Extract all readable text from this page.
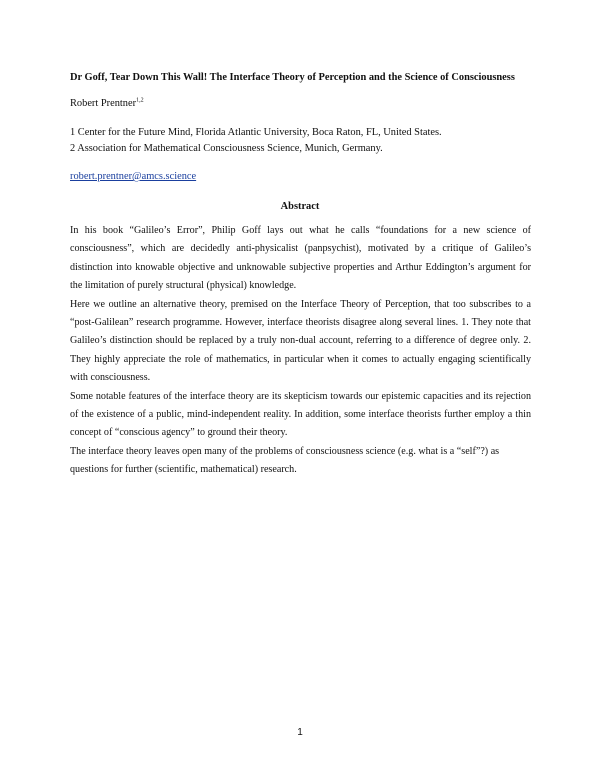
Dr Goff, Tear Down This Wall! The Interface Theory of Perception and the Science of Consciousness

Robert Prentner$^{1,2}$

1 Center for the Future Mind, Florida Atlantic University, Boca Raton, FL, United States.

2 Association for Mathematical Consciousness Science, Munich, Germany.

robert.prentner@amcs.science

Abstract

In his book “Galileo’s Error”, Philip Goff lays out what he calls “foundations for a new science of consciousness”, which are decidedly anti-physicalist (panpsychist), motivated by a critique of Galileo’s distinction into knowable objective and unknowable subjective properties and Arthur Eddington’s argument for the limitation of purely structural (physical) knowledge.

Here we outline an alternative theory, premised on the Interface Theory of Perception, that too subscribes to a “post-Galilean” research programme. However, interface theorists disagree along several lines. 1. They note that Galileo’s distinction should be replaced by a truly non-dual account, referring to a difference of degree only. 2. They highly appreciate the role of mathematics, in particular when it comes to actually engaging scientifically with consciousness.

Some notable features of the interface theory are its skepticism towards our epistemic capacities and its rejection of the existence of a public, mind-independent reality. In addition, some interface theorists further employ a thin concept of “conscious agency” to ground their theory.

The interface theory leaves open many of the problems of consciousness science (e.g. what is a “self”?) as questions for further (scientific, mathematical) research.

1
